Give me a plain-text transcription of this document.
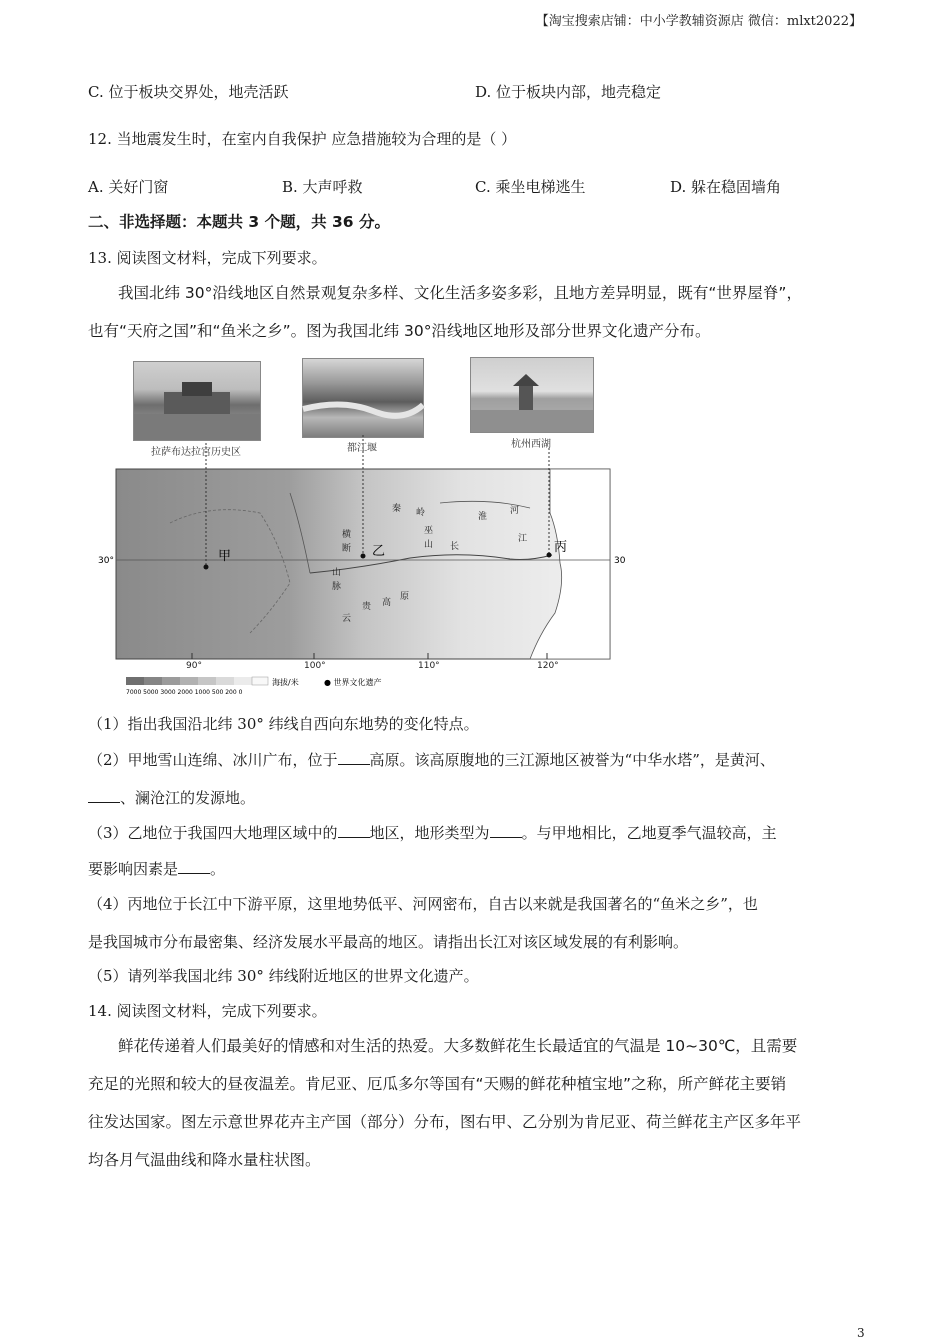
【淘宝搜索店铺：中小学教辅资源店 微信：mlxt2022】
C. 位于板块交界处，地壳活跃	D. 位于板块内部，地壳稳定
12. 当地震发生时，在室内自我保护 应急措施较为合理的是（ ）
A. 关好门窗	B. 大声呼救	C. 乘坐电梯逃生	D. 躲在稳固墙角
二、非选择题：本题共 3 个题，共 36 分。
13. 阅读图文材料，完成下列要求。
我国北纬 30°沿线地区自然景观复杂多样、文化生活多姿多彩，且地方差异明显，既有“世界屋脊”，
也有“天府之国”和“鱼米之乡”。图为我国北纬 30°沿线地区地形及部分世界文化遗产分布。
拉萨布达拉宫历史区	都江堰	杭州西湖
甲	乙	丙
秦 岭	淮
河
横
断
山
脉
巫
山 长
江
云
贵 高
原
30°	30
90°	100°	110°	120°
7000 5000 3000 2000 1000 500 200 0
海拔/米	● 世界文化遗产
（1）指出我国沿北纬 30° 纬线自西向东地势的变化特点。
（2）甲地雪山连绵、冰川广布，位于 高原。该高原腹地的三江源地区被誉为“中华水塔”，是黄河、
、澜沧江的发源地。
（3）乙地位于我国四大地理区域中的 地区，地形类型为 。与甲地相比，乙地夏季气温较高，主
要影响因素是 。
（4）丙地位于长江中下游平原，这里地势低平、河网密布，自古以来就是我国著名的“鱼米之乡”，也
是我国城市分布最密集、经济发展水平最高的地区。请指出长江对该区域发展的有利影响。
（5）请列举我国北纬 30° 纬线附近地区的世界文化遗产。
14. 阅读图文材料，完成下列要求。
鲜花传递着人们最美好的情感和对生活的热爱。大多数鲜花生长最适宜的气温是 10~30℃，且需要
充足的光照和较大的昼夜温差。肯尼亚、厄瓜多尔等国有“天赐的鲜花种植宝地”之称，所产鲜花主要销
往发达国家。图左示意世界花卉主产国（部分）分布，图右甲、乙分别为肯尼亚、荷兰鲜花主产区多年平
均各月气温曲线和降水量柱状图。
3
